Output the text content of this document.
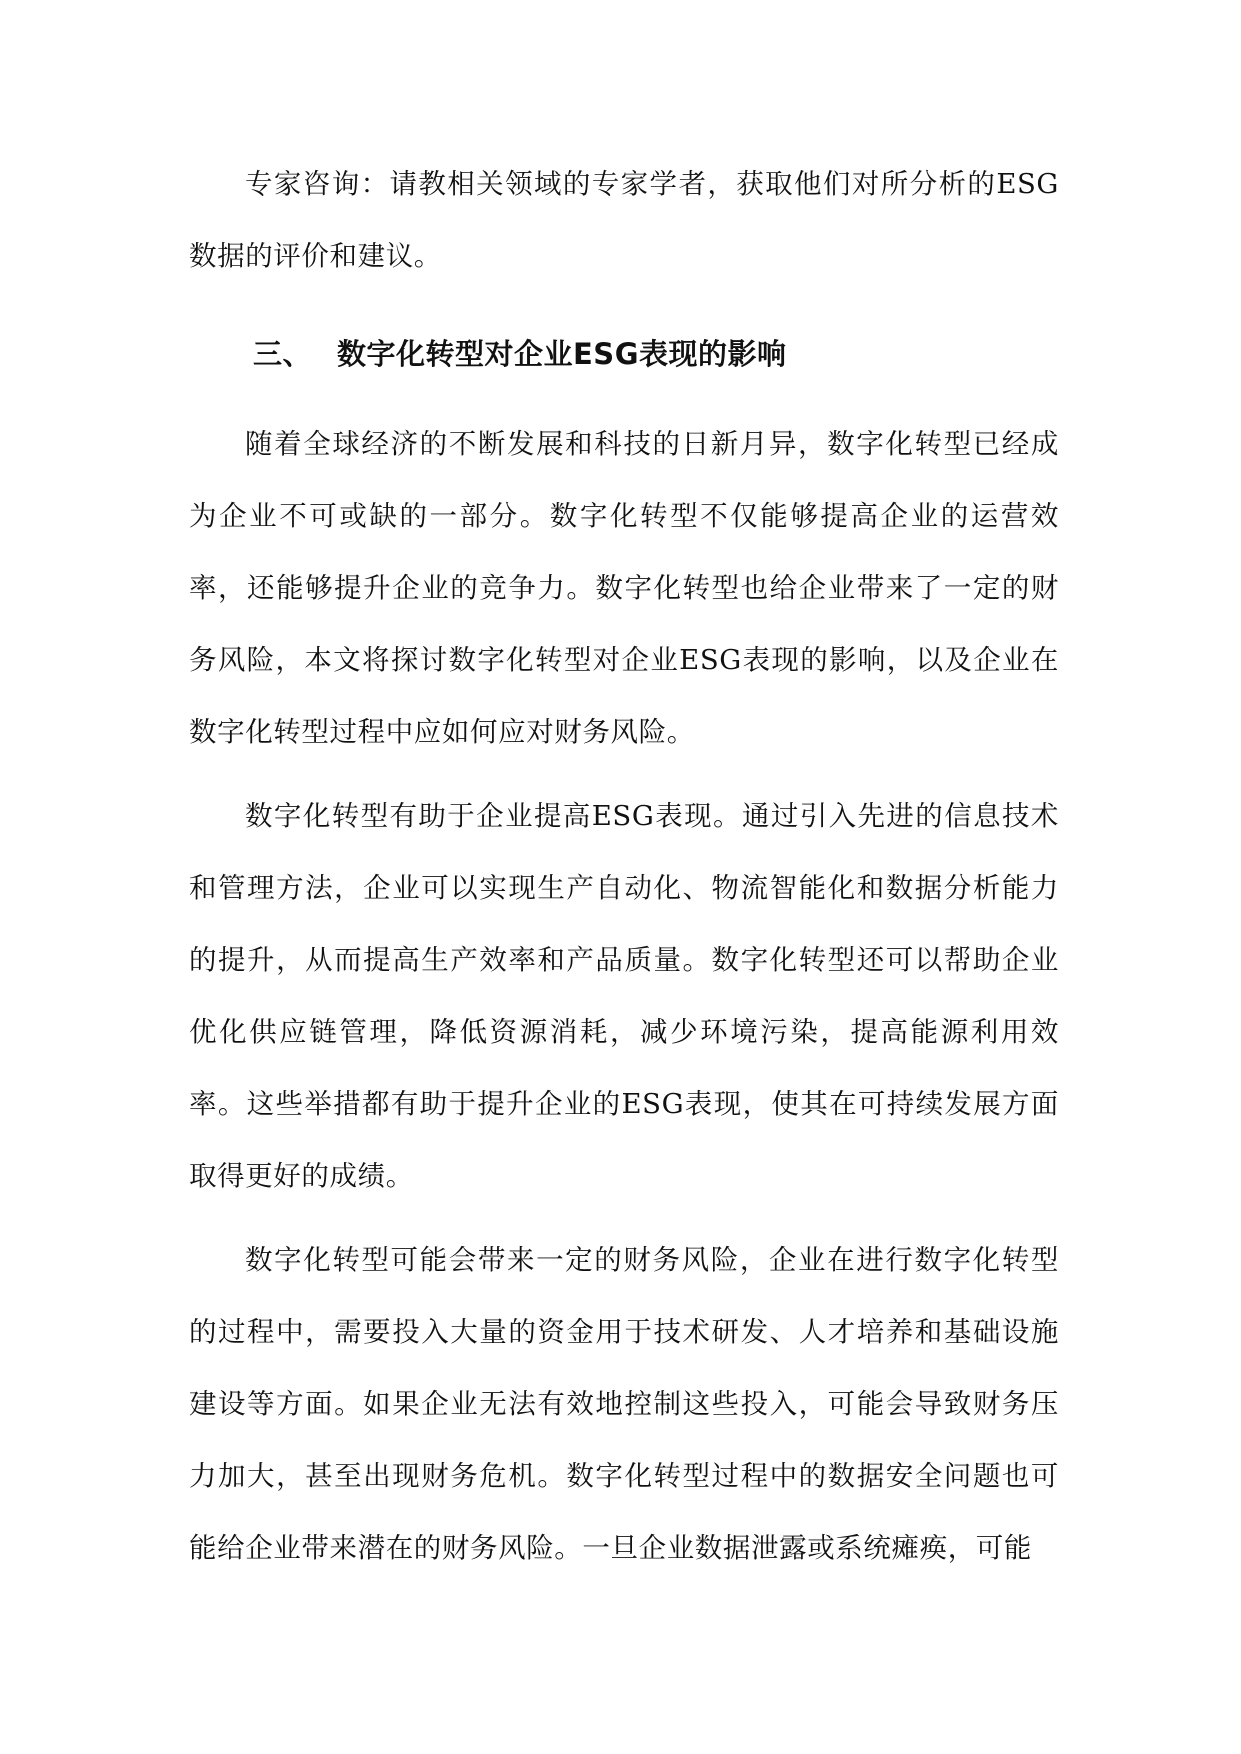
专家咨询：请教相关领域的专家学者，获取他们对所分析的ESG数据的评价和建议。

三、 数字化转型对企业ESG表现的影响

随着全球经济的不断发展和科技的日新月异，数字化转型已经成为企业不可或缺的一部分。数字化转型不仅能够提高企业的运营效率，还能够提升企业的竞争力。数字化转型也给企业带来了一定的财务风险，本文将探讨数字化转型对企业ESG表现的影响，以及企业在数字化转型过程中应如何应对财务风险。

数字化转型有助于企业提高ESG表现。通过引入先进的信息技术和管理方法，企业可以实现生产自动化、物流智能化和数据分析能力的提升，从而提高生产效率和产品质量。数字化转型还可以帮助企业优化供应链管理，降低资源消耗，减少环境污染，提高能源利用效率。这些举措都有助于提升企业的ESG表现，使其在可持续发展方面取得更好的成绩。

数字化转型可能会带来一定的财务风险，企业在进行数字化转型的过程中，需要投入大量的资金用于技术研发、人才培养和基础设施建设等方面。如果企业无法有效地控制这些投入，可能会导致财务压力加大，甚至出现财务危机。数字化转型过程中的数据安全问题也可能给企业带来潜在的财务风险。一旦企业数据泄露或系统瘫痪，可能
